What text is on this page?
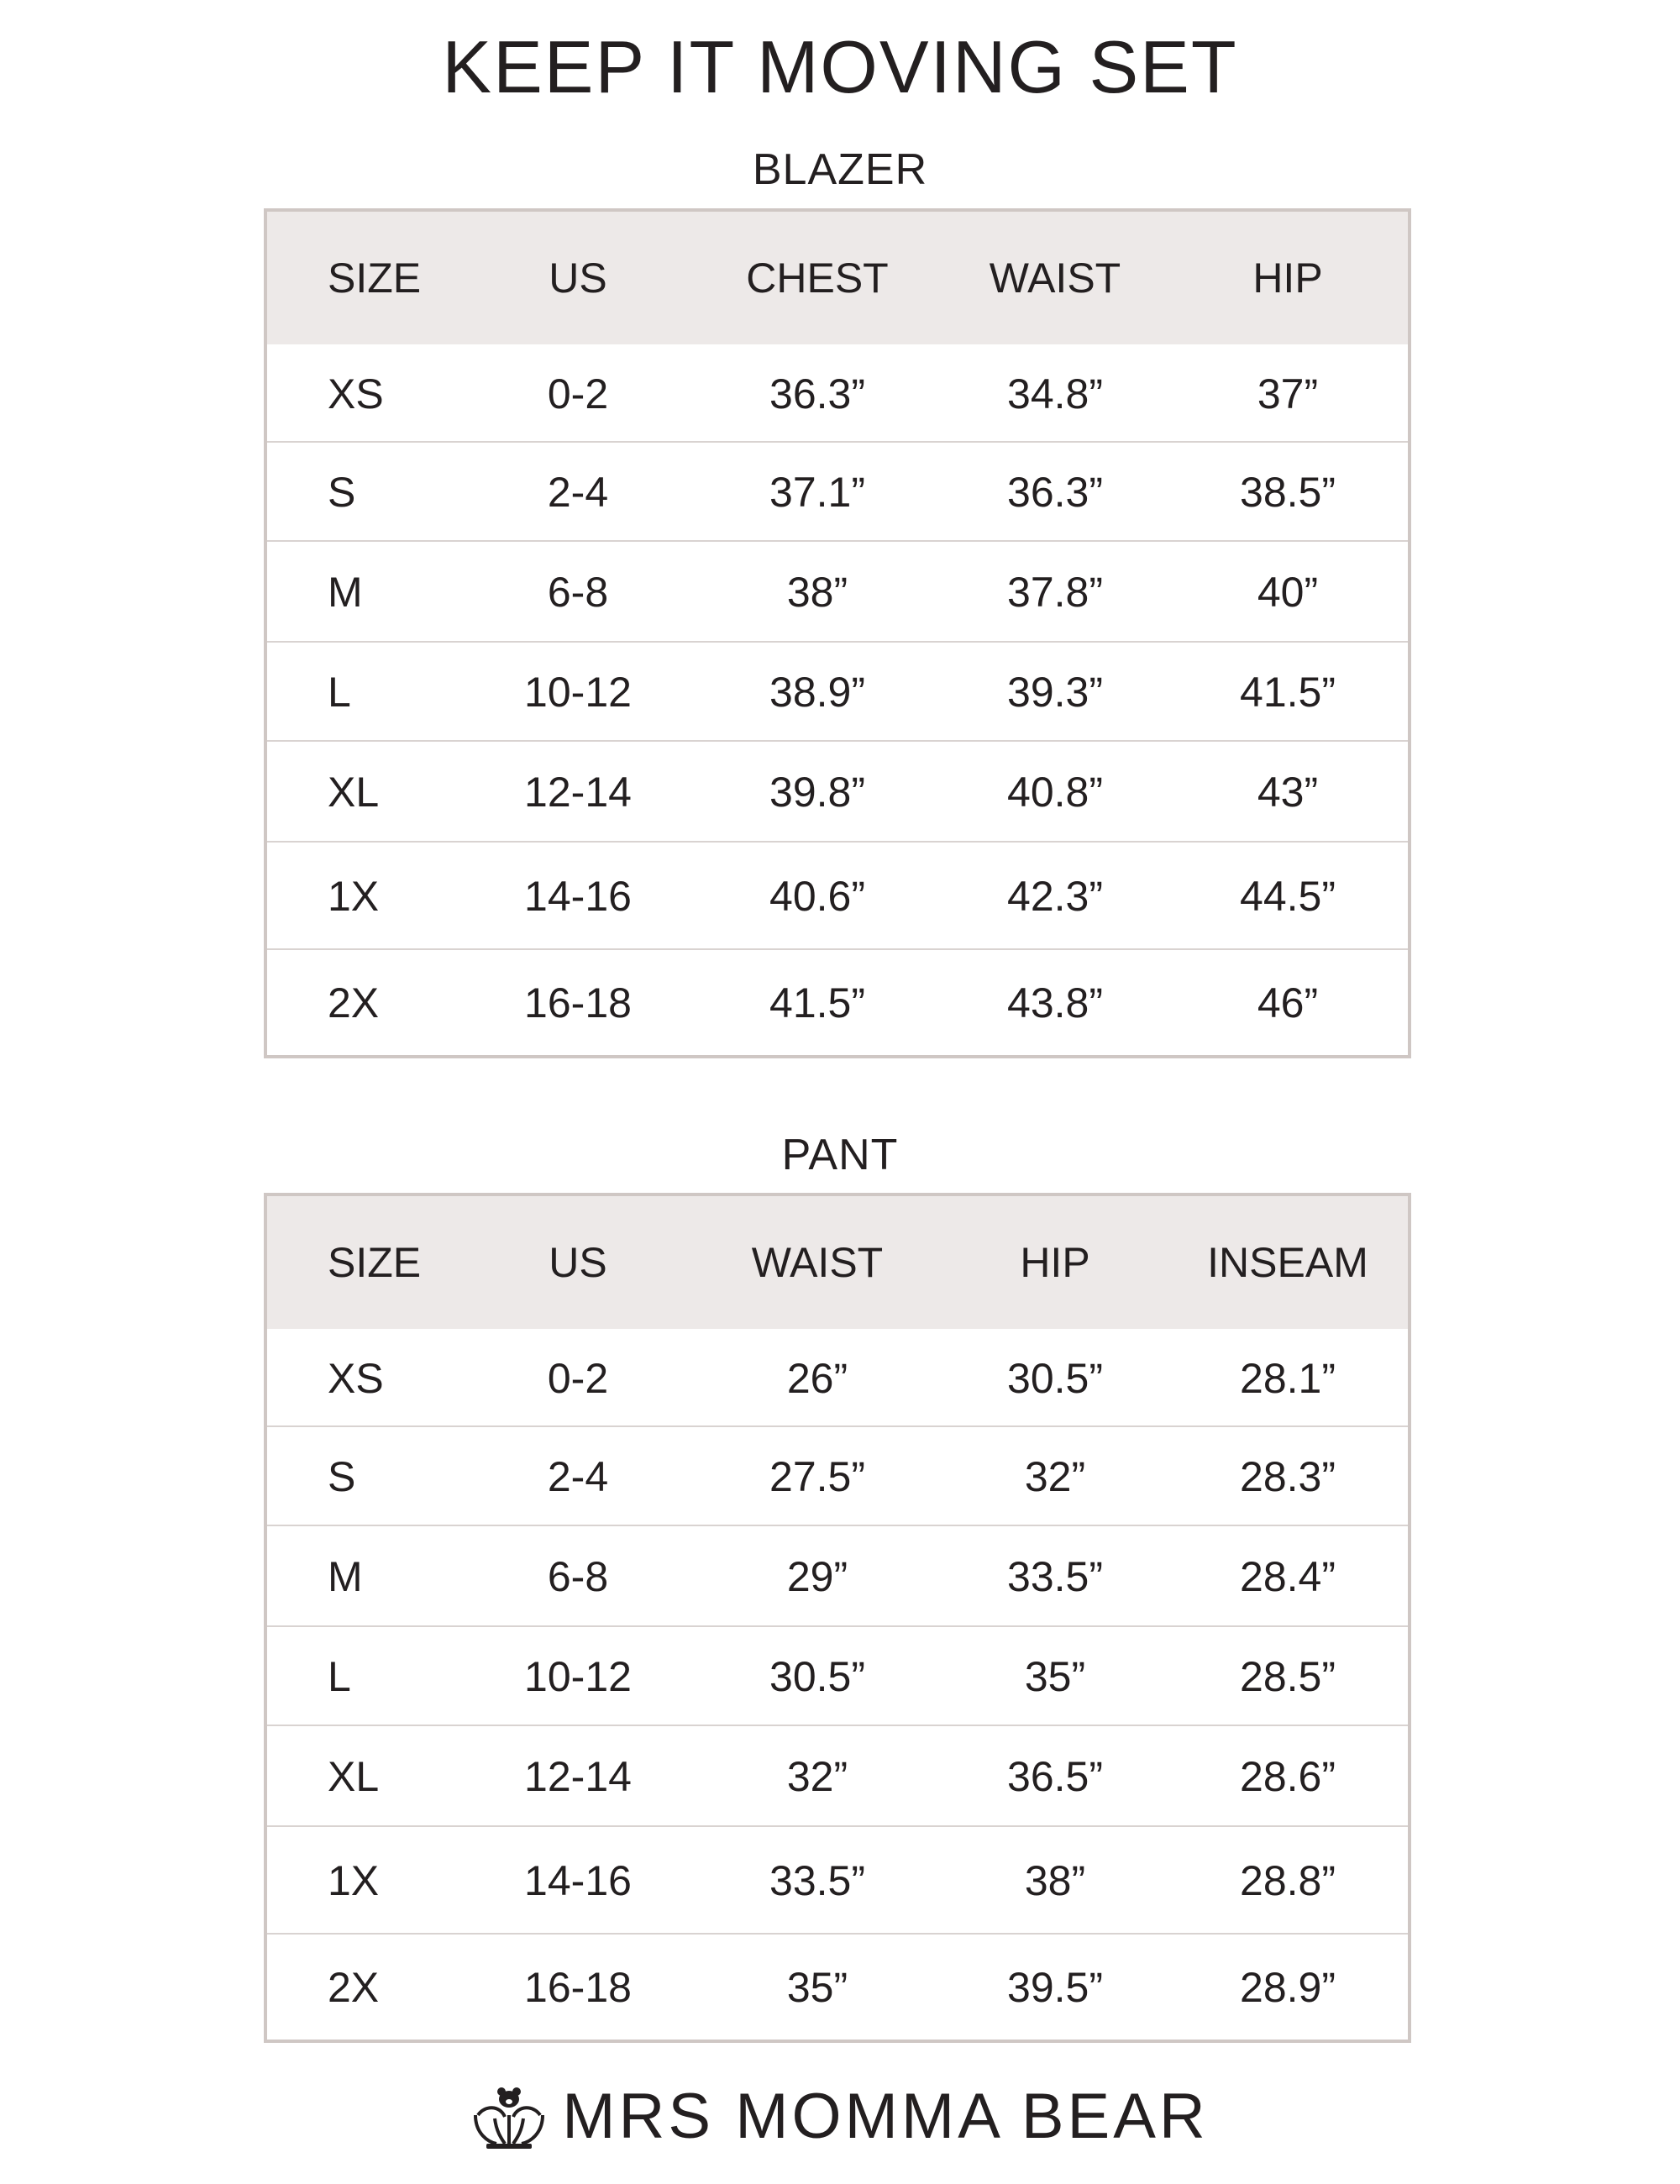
KEEP IT MOVING SET
BLAZER
SIZE	US	CHEST	WAIST	HIP
XS	0-2	36.3”	34.8”	37”
S	2-4	37.1”	36.3”	38.5”
M	6-8	38”	37.8”	40”
L	10-12	38.9”	39.3”	41.5”
XL	12-14	39.8”	40.8”	43”
1X	14-16	40.6”	42.3”	44.5”
2X	16-18	41.5”	43.8”	46”
PANT
SIZE	US	WAIST	HIP	INSEAM
XS	0-2	26”	30.5”	28.1”
S	2-4	27.5”	32”	28.3”
M	6-8	29”	33.5”	28.4”
L	10-12	30.5”	35”	28.5”
XL	12-14	32”	36.5”	28.6”
1X	14-16	33.5”	38”	28.8”
2X	16-18	35”	39.5”	28.9”
MRS MOMMA BEAR
